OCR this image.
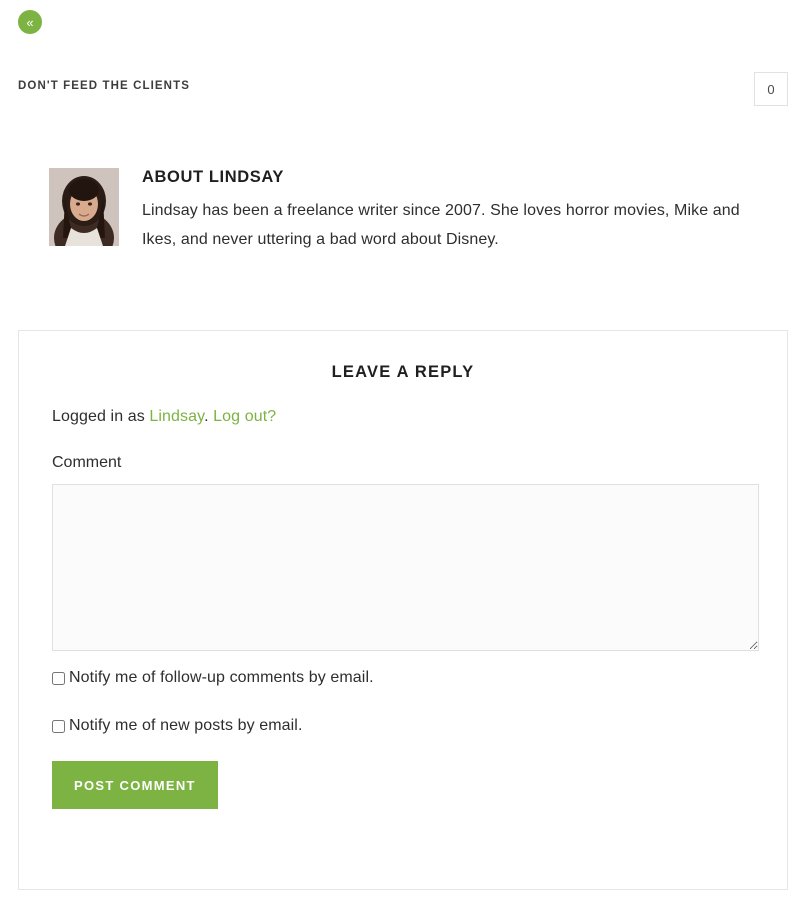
«
DON'T FEED THE CLIENTS	0
ABOUT LINDSAY

Lindsay has been a freelance writer since 2007. She loves horror movies, Mike and Ikes, and never uttering a bad word about Disney.

LEAVE A REPLY
Logged in as Lindsay. Log out?
Comment
Notify me of follow-up comments by email.
Notify me of new posts by email.
POST COMMENT
